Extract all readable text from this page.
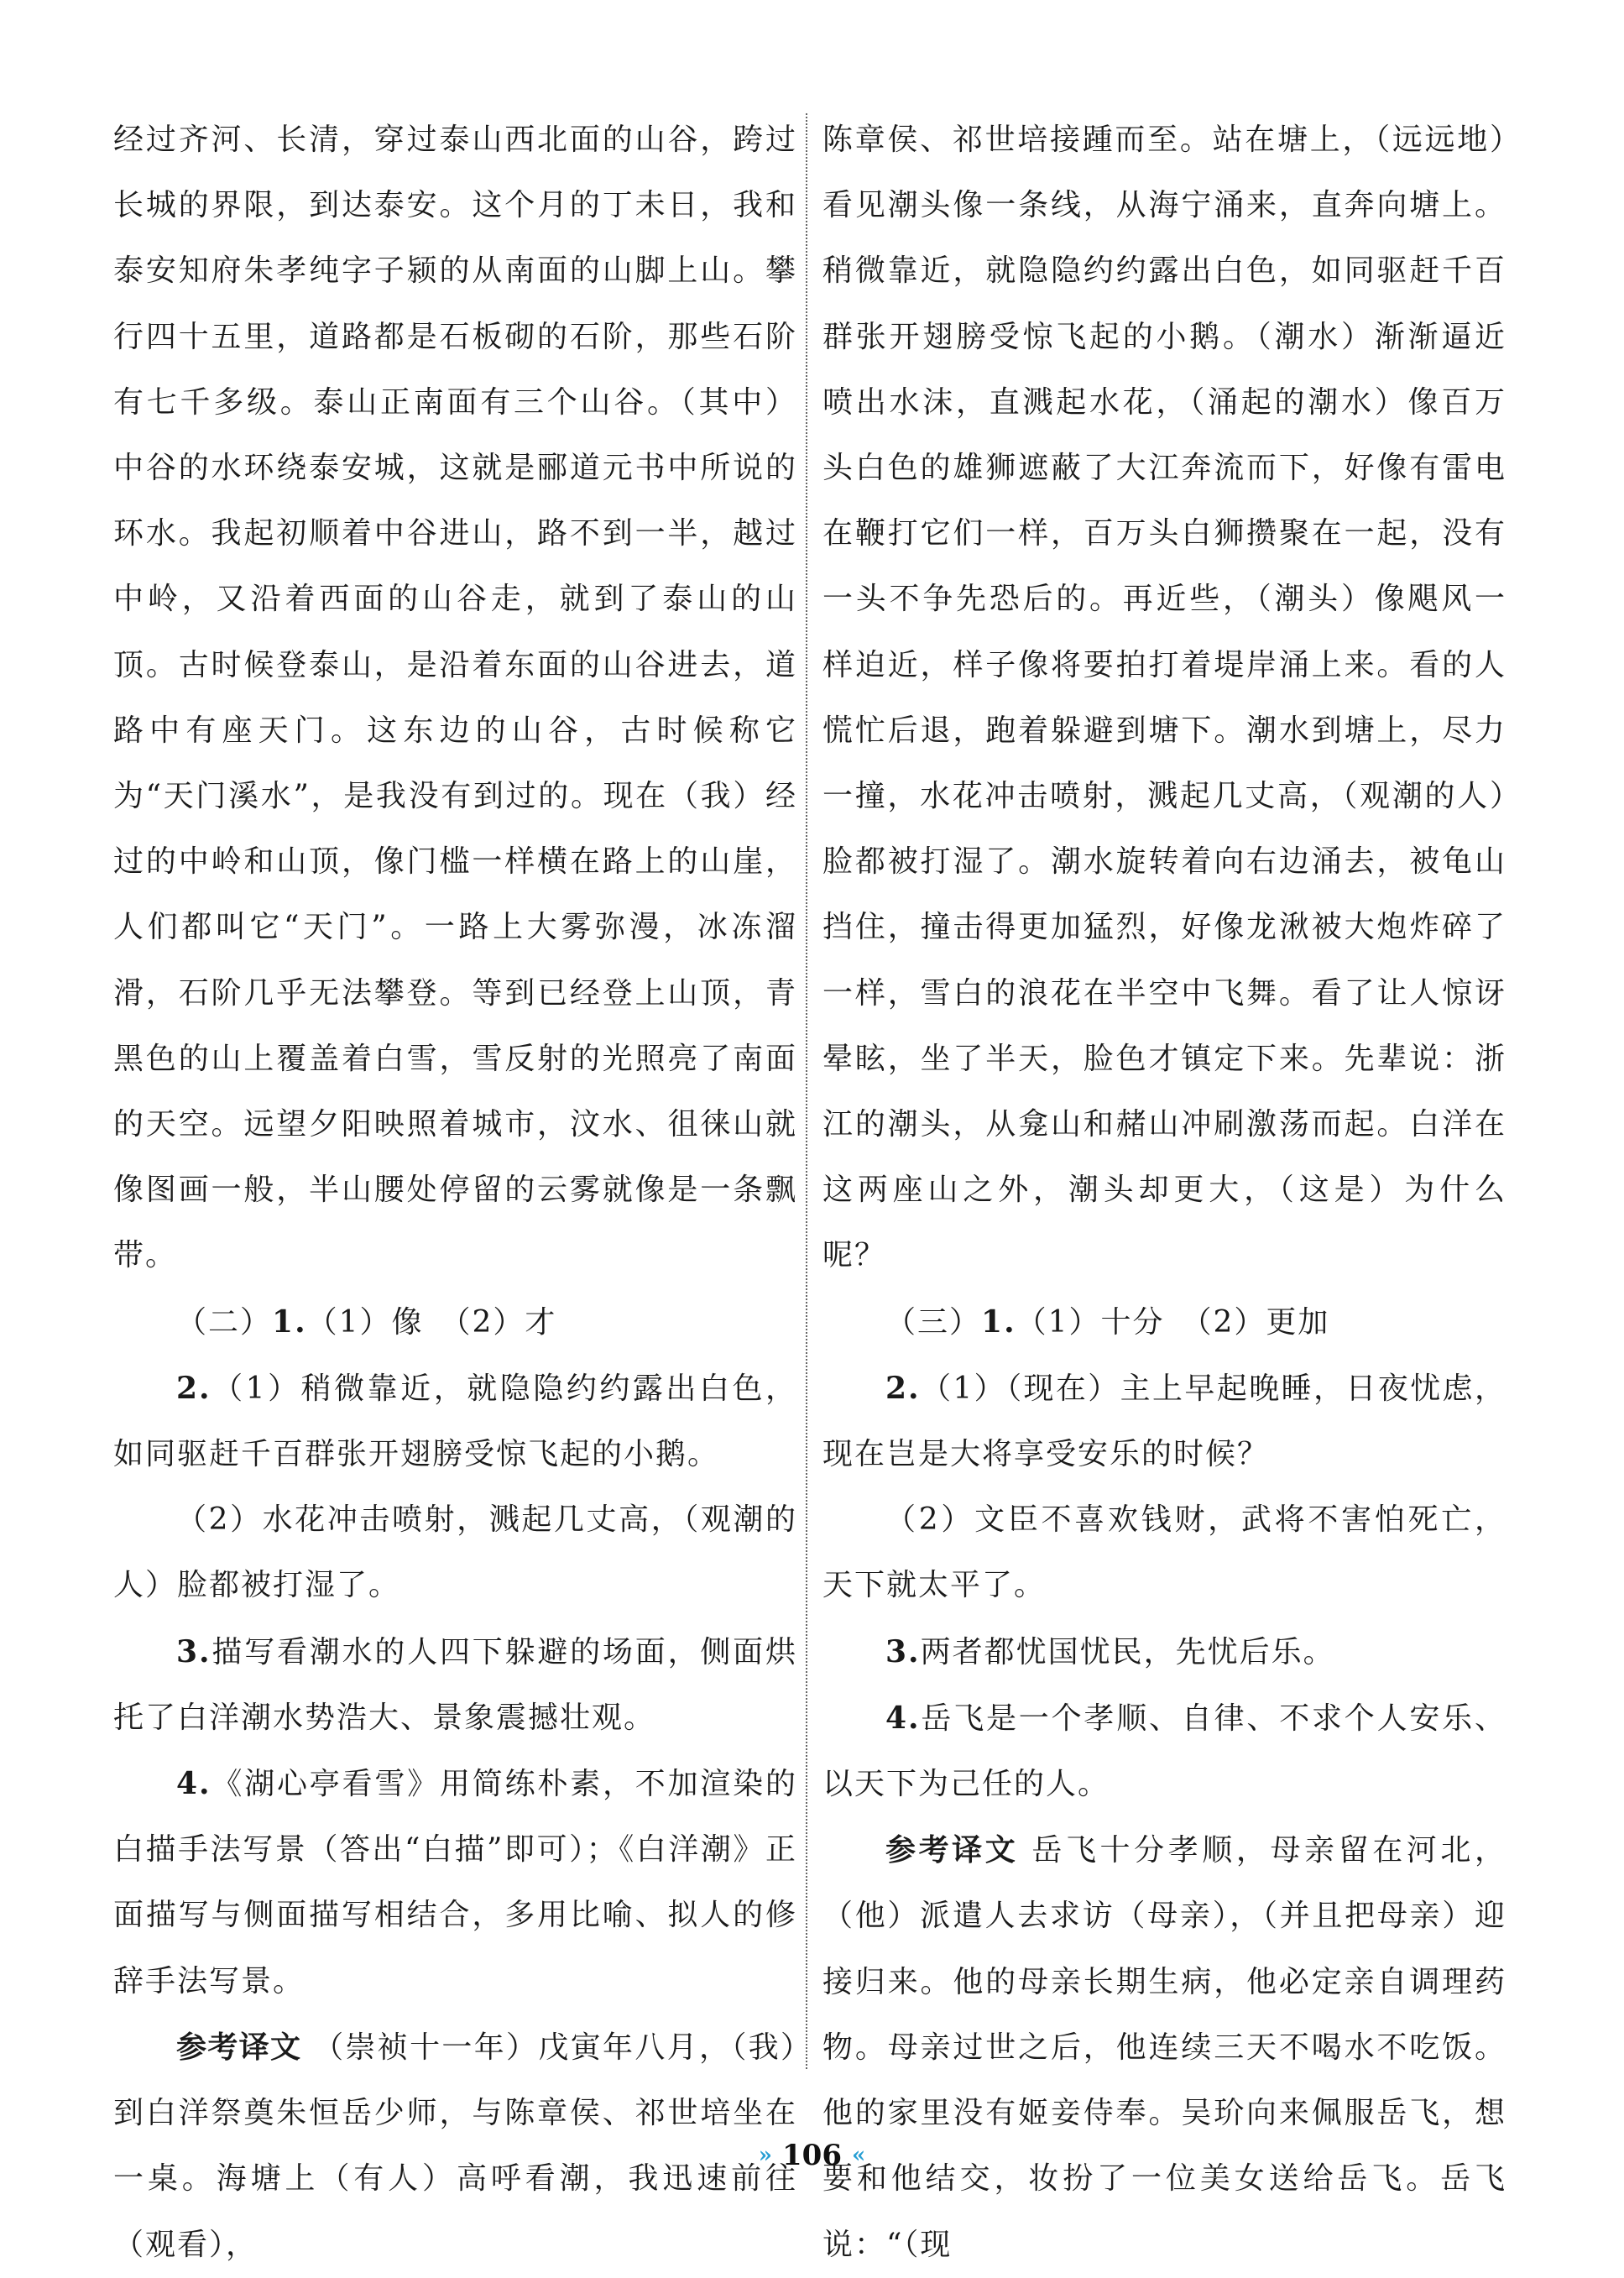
经过齐河、长清，穿过泰山西北面的山谷，跨过长城的界限，到达泰安。这个月的丁未日，我和泰安知府朱孝纯字子颍的从南面的山脚上山。攀行四十五里，道路都是石板砌的石阶，那些石阶有七千多级。泰山正南面有三个山谷。（其中）中谷的水环绕泰安城，这就是郦道元书中所说的环水。我起初顺着中谷进山，路不到一半，越过中岭，又沿着西面的山谷走，就到了泰山的山顶。古时候登泰山，是沿着东面的山谷进去，道路中有座天门。这东边的山谷，古时候称它为“天门溪水”，是我没有到过的。现在（我）经过的中岭和山顶，像门槛一样横在路上的山崖，人们都叫它“天门”。一路上大雾弥漫，冰冻溜滑，石阶几乎无法攀登。等到已经登上山顶，青黑色的山上覆盖着白雪，雪反射的光照亮了南面的天空。远望夕阳映照着城市，汶水、徂徕山就像图画一般，半山腰处停留的云雾就像是一条飘带。

（二）1.（1）像　（2）才

2.（1）稍微靠近，就隐隐约约露出白色，如同驱赶千百群张开翅膀受惊飞起的小鹅。

（2）水花冲击喷射，溅起几丈高，（观潮的人）脸都被打湿了。

3.描写看潮水的人四下躲避的场面，侧面烘托了白洋潮水势浩大、景象震撼壮观。

4.《湖心亭看雪》用简练朴素，不加渲染的白描手法写景（答出“白描”即可）；《白洋潮》正面描写与侧面描写相结合，多用比喻、拟人的修辞手法写景。

参考译文 （崇祯十一年）戊寅年八月，（我）到白洋祭奠朱恒岳少师，与陈章侯、祁世培坐在一桌。海塘上（有人）高呼看潮，我迅速前往（观看），

陈章侯、祁世培接踵而至。站在塘上，（远远地）看见潮头像一条线，从海宁涌来，直奔向塘上。稍微靠近，就隐隐约约露出白色，如同驱赶千百群张开翅膀受惊飞起的小鹅。（潮水）渐渐逼近喷出水沫，直溅起水花，（涌起的潮水）像百万头白色的雄狮遮蔽了大江奔流而下，好像有雷电在鞭打它们一样，百万头白狮攒聚在一起，没有一头不争先恐后的。再近些，（潮头）像飓风一样迫近，样子像将要拍打着堤岸涌上来。看的人慌忙后退，跑着躲避到塘下。潮水到塘上，尽力一撞，水花冲击喷射，溅起几丈高，（观潮的人）脸都被打湿了。潮水旋转着向右边涌去，被龟山挡住，撞击得更加猛烈，好像龙湫被大炮炸碎了一样，雪白的浪花在半空中飞舞。看了让人惊讶晕眩，坐了半天，脸色才镇定下来。先辈说：浙江的潮头，从龛山和赭山冲刷激荡而起。白洋在这两座山之外，潮头却更大，（这是）为什么呢？

（三）1.（1）十分　（2）更加

2.（1）（现在）主上早起晚睡，日夜忧虑，现在岂是大将享受安乐的时候？

（2）文臣不喜欢钱财，武将不害怕死亡，天下就太平了。

3.两者都忧国忧民，先忧后乐。

4.岳飞是一个孝顺、自律、不求个人安乐、以天下为己任的人。

参考译文 岳飞十分孝顺，母亲留在河北，（他）派遣人去求访（母亲），（并且把母亲）迎接归来。他的母亲长期生病，他必定亲自调理药物。母亲过世之后，他连续三天不喝水不吃饭。他的家里没有姬妾侍奉。吴玠向来佩服岳飞，想要和他结交，妆扮了一位美女送给岳飞。岳飞说：“（现

» 106 «
